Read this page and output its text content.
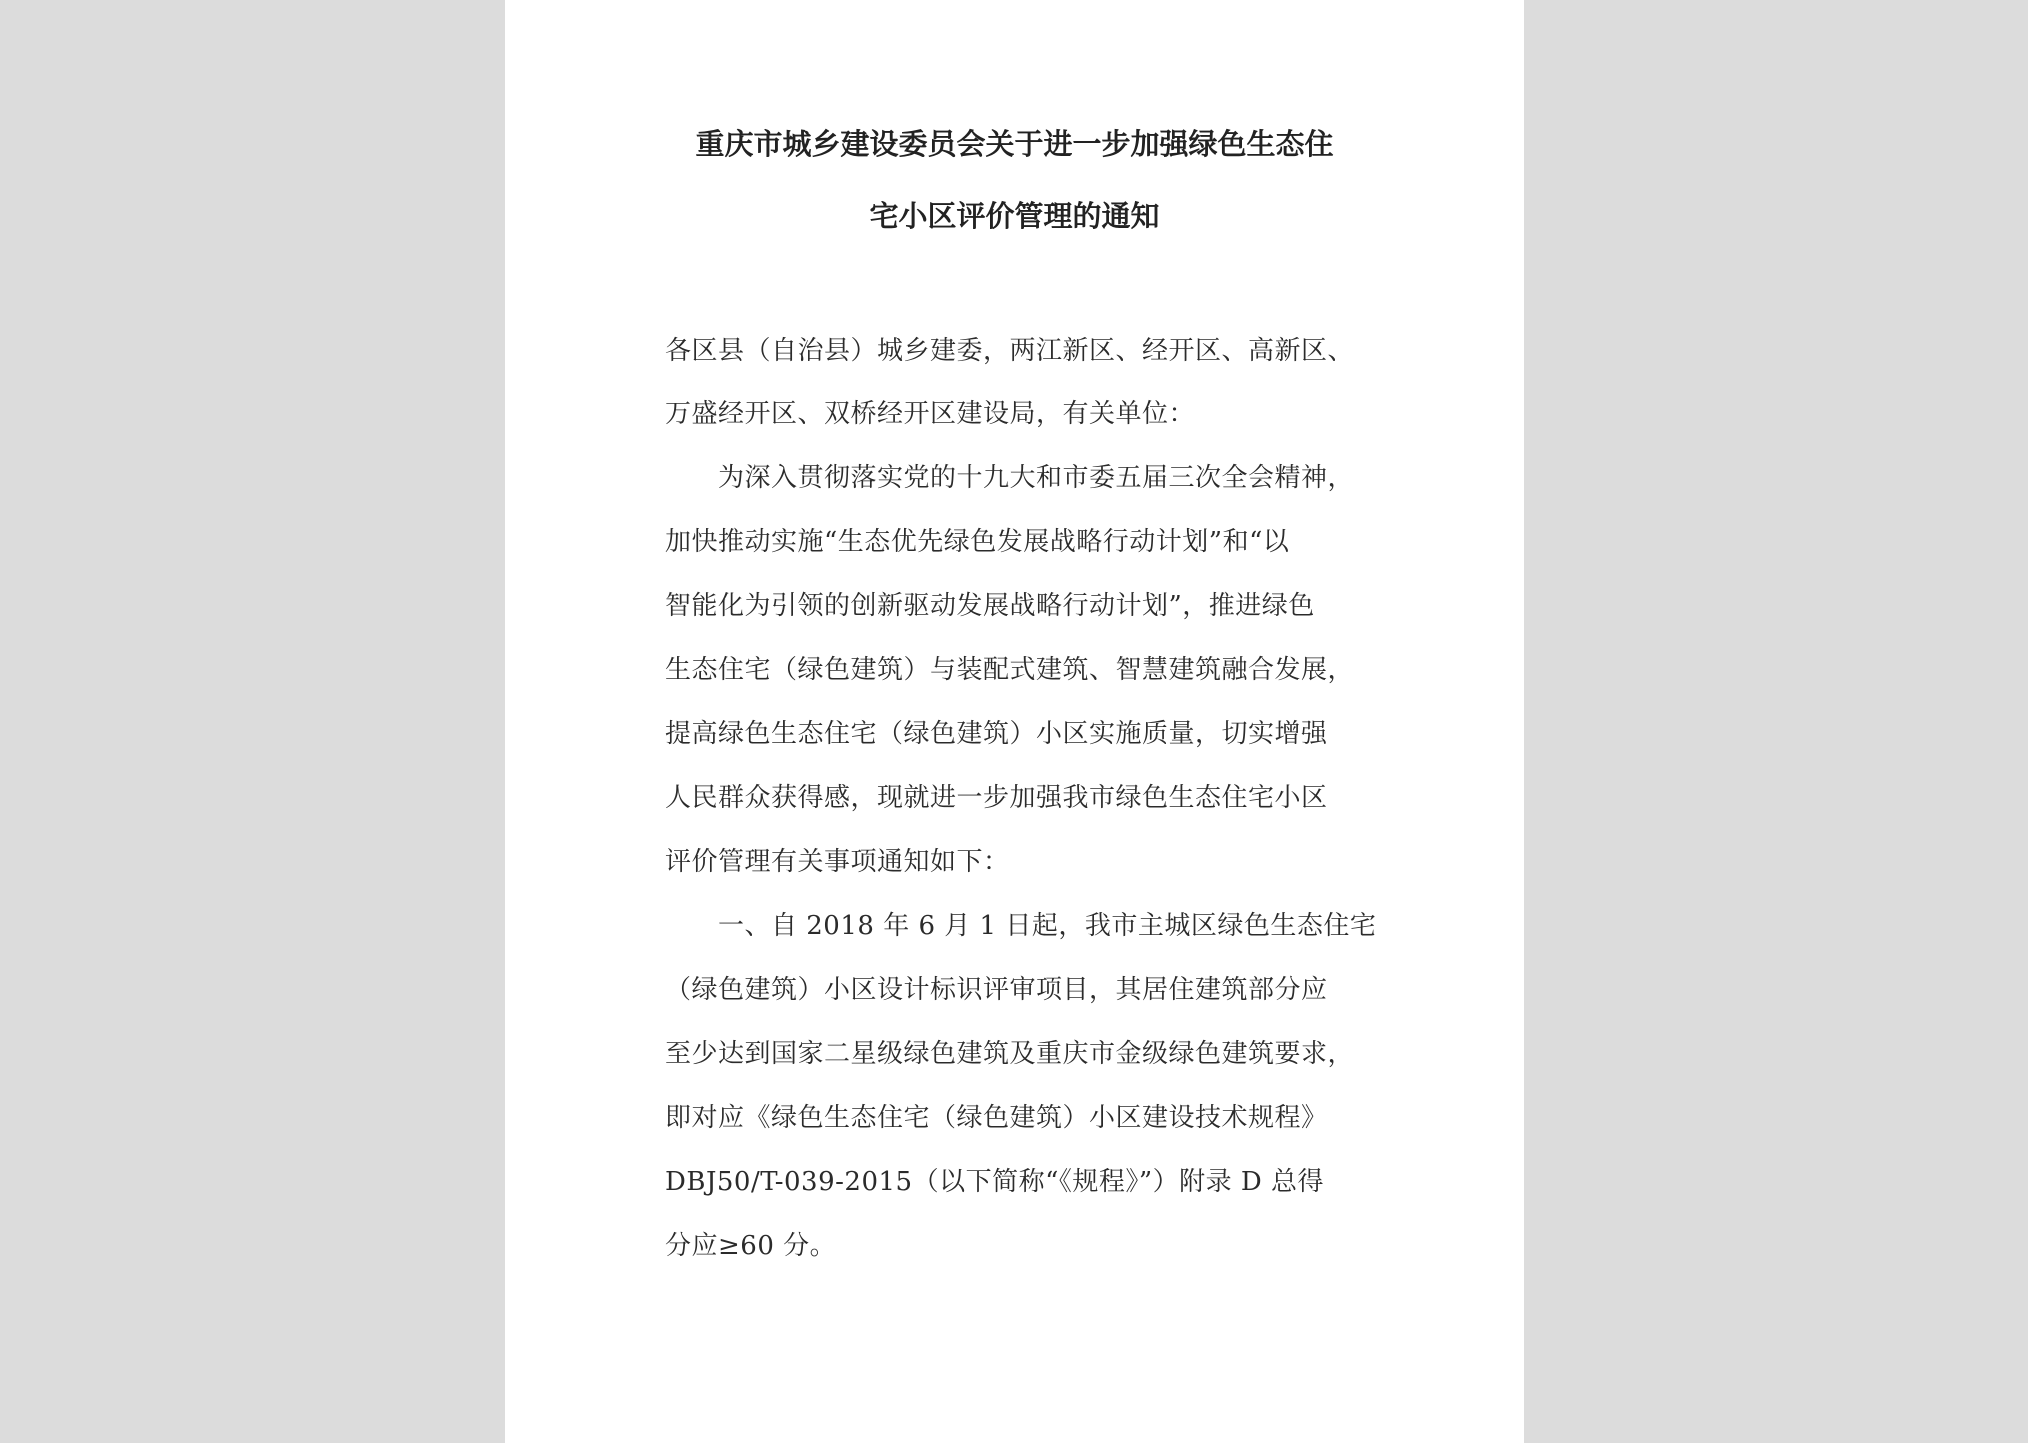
重庆市城乡建设委员会关于进一步加强绿色生态住
宅小区评价管理的通知
各区县（自治县）城乡建委，两江新区、经开区、高新区、
万盛经开区、双桥经开区建设局，有关单位：
　　为深入贯彻落实党的十九大和市委五届三次全会精神，
加快推动实施“生态优先绿色发展战略行动计划”和“以
智能化为引领的创新驱动发展战略行动计划”，推进绿色
生态住宅（绿色建筑）与装配式建筑、智慧建筑融合发展，
提高绿色生态住宅（绿色建筑）小区实施质量，切实增强
人民群众获得感，现就进一步加强我市绿色生态住宅小区
评价管理有关事项通知如下：
　　一、自 2018 年 6 月 1 日起，我市主城区绿色生态住宅
（绿色建筑）小区设计标识评审项目，其居住建筑部分应
至少达到国家二星级绿色建筑及重庆市金级绿色建筑要求，
即对应《绿色生态住宅（绿色建筑）小区建设技术规程》
DBJ50/T-039-2015（以下简称“《规程》”）附录 D 总得
分应≥60 分。
